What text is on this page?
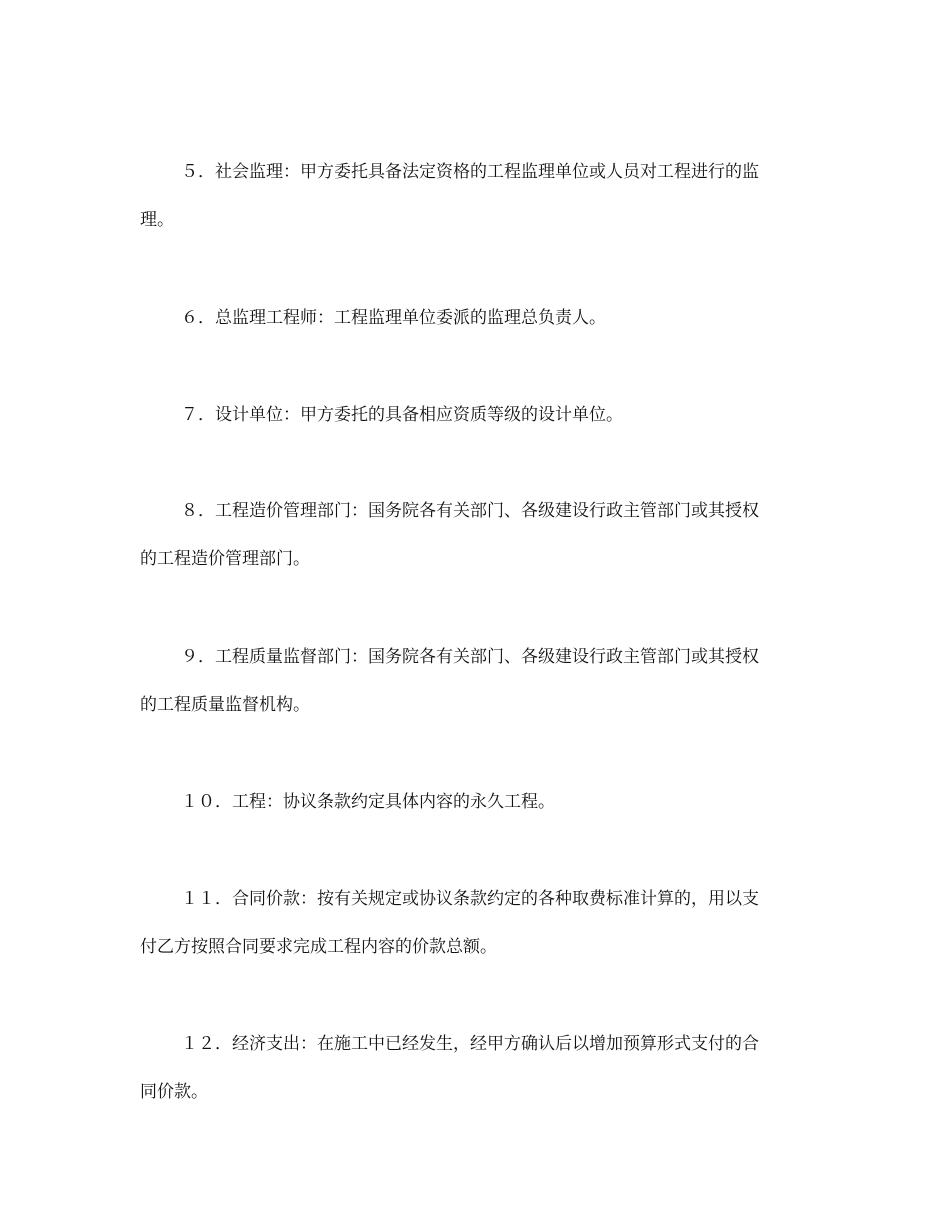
５．社会监理：甲方委托具备法定资格的工程监理单位或人员对工程进行的监
理。
６．总监理工程师：工程监理单位委派的监理总负责人。
７．设计单位：甲方委托的具备相应资质等级的设计单位。
８．工程造价管理部门：国务院各有关部门、各级建设行政主管部门或其授权
的工程造价管理部门。
９．工程质量监督部门：国务院各有关部门、各级建设行政主管部门或其授权
的工程质量监督机构。
１０．工程：协议条款约定具体内容的永久工程。
１１．合同价款：按有关规定或协议条款约定的各种取费标准计算的，用以支
付乙方按照合同要求完成工程内容的价款总额。
１２．经济支出：在施工中已经发生，经甲方确认后以增加预算形式支付的合
同价款。
